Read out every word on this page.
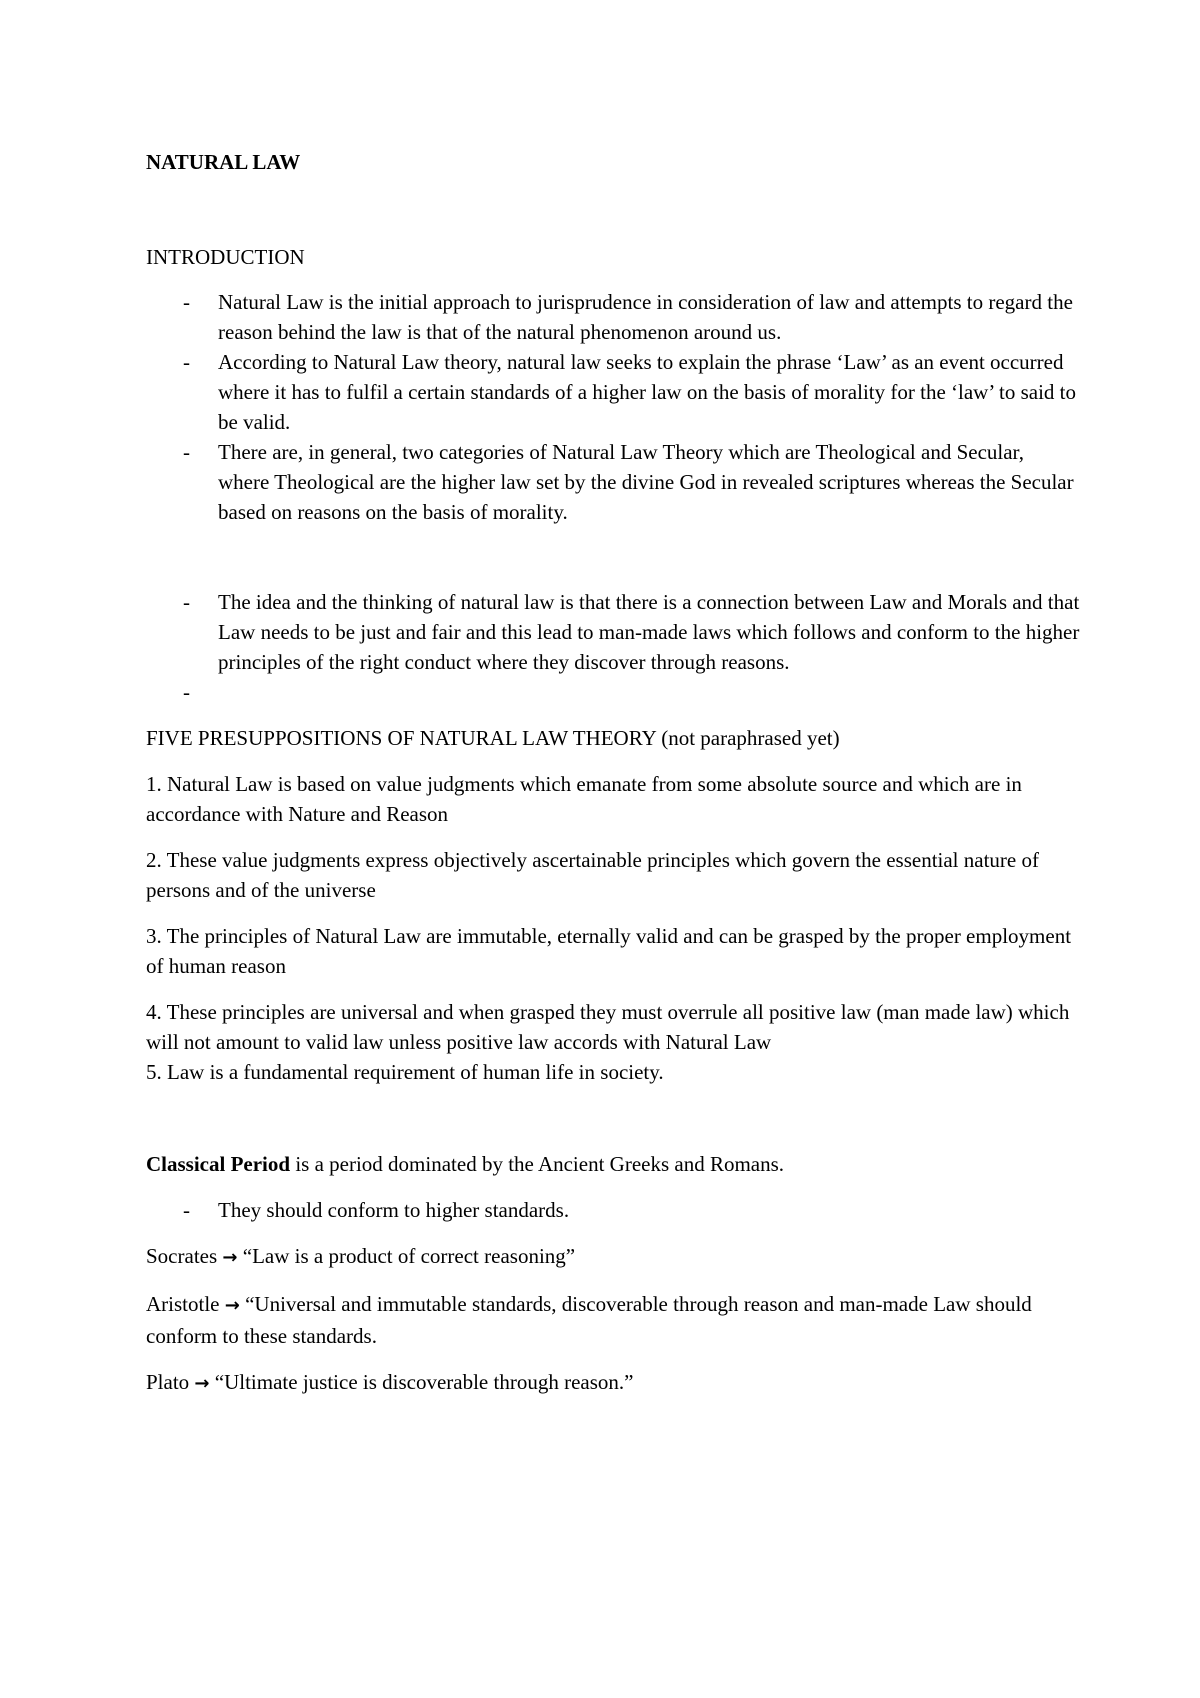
NATURAL LAW

INTRODUCTION

- Natural Law is the initial approach to jurisprudence in consideration of law and attempts to regard the reason behind the law is that of the natural phenomenon around us.
- According to Natural Law theory, natural law seeks to explain the phrase ‘Law’ as an event occurred where it has to fulfil a certain standards of a higher law on the basis of morality for the ‘law’ to said to be valid.
- There are, in general, two categories of Natural Law Theory which are Theological and Secular, where Theological are the higher law set by the divine God in revealed scriptures whereas the Secular based on reasons on the basis of morality.
- The idea and the thinking of natural law is that there is a connection between Law and Morals and that Law needs to be just and fair and this lead to man-made laws which follows and conform to the higher principles of the right conduct where they discover through reasons.
-

FIVE PRESUPPOSITIONS OF NATURAL LAW THEORY (not paraphrased yet)

1. Natural Law is based on value judgments which emanate from some absolute source and which are in accordance with Nature and Reason

2. These value judgments express objectively ascertainable principles which govern the essential nature of persons and of the universe

3. The principles of Natural Law are immutable, eternally valid and can be grasped by the proper employment of human reason

4. These principles are universal and when grasped they must overrule all positive law (man made law) which will not amount to valid law unless positive law accords with Natural Law

5. Law is a fundamental requirement of human life in society.

Classical Period is a period dominated by the Ancient Greeks and Romans.

- They should conform to higher standards.

Socrates → “Law is a product of correct reasoning”

Aristotle → “Universal and immutable standards, discoverable through reason and man-made Law should conform to these standards.

Plato → “Ultimate justice is discoverable through reason.”
